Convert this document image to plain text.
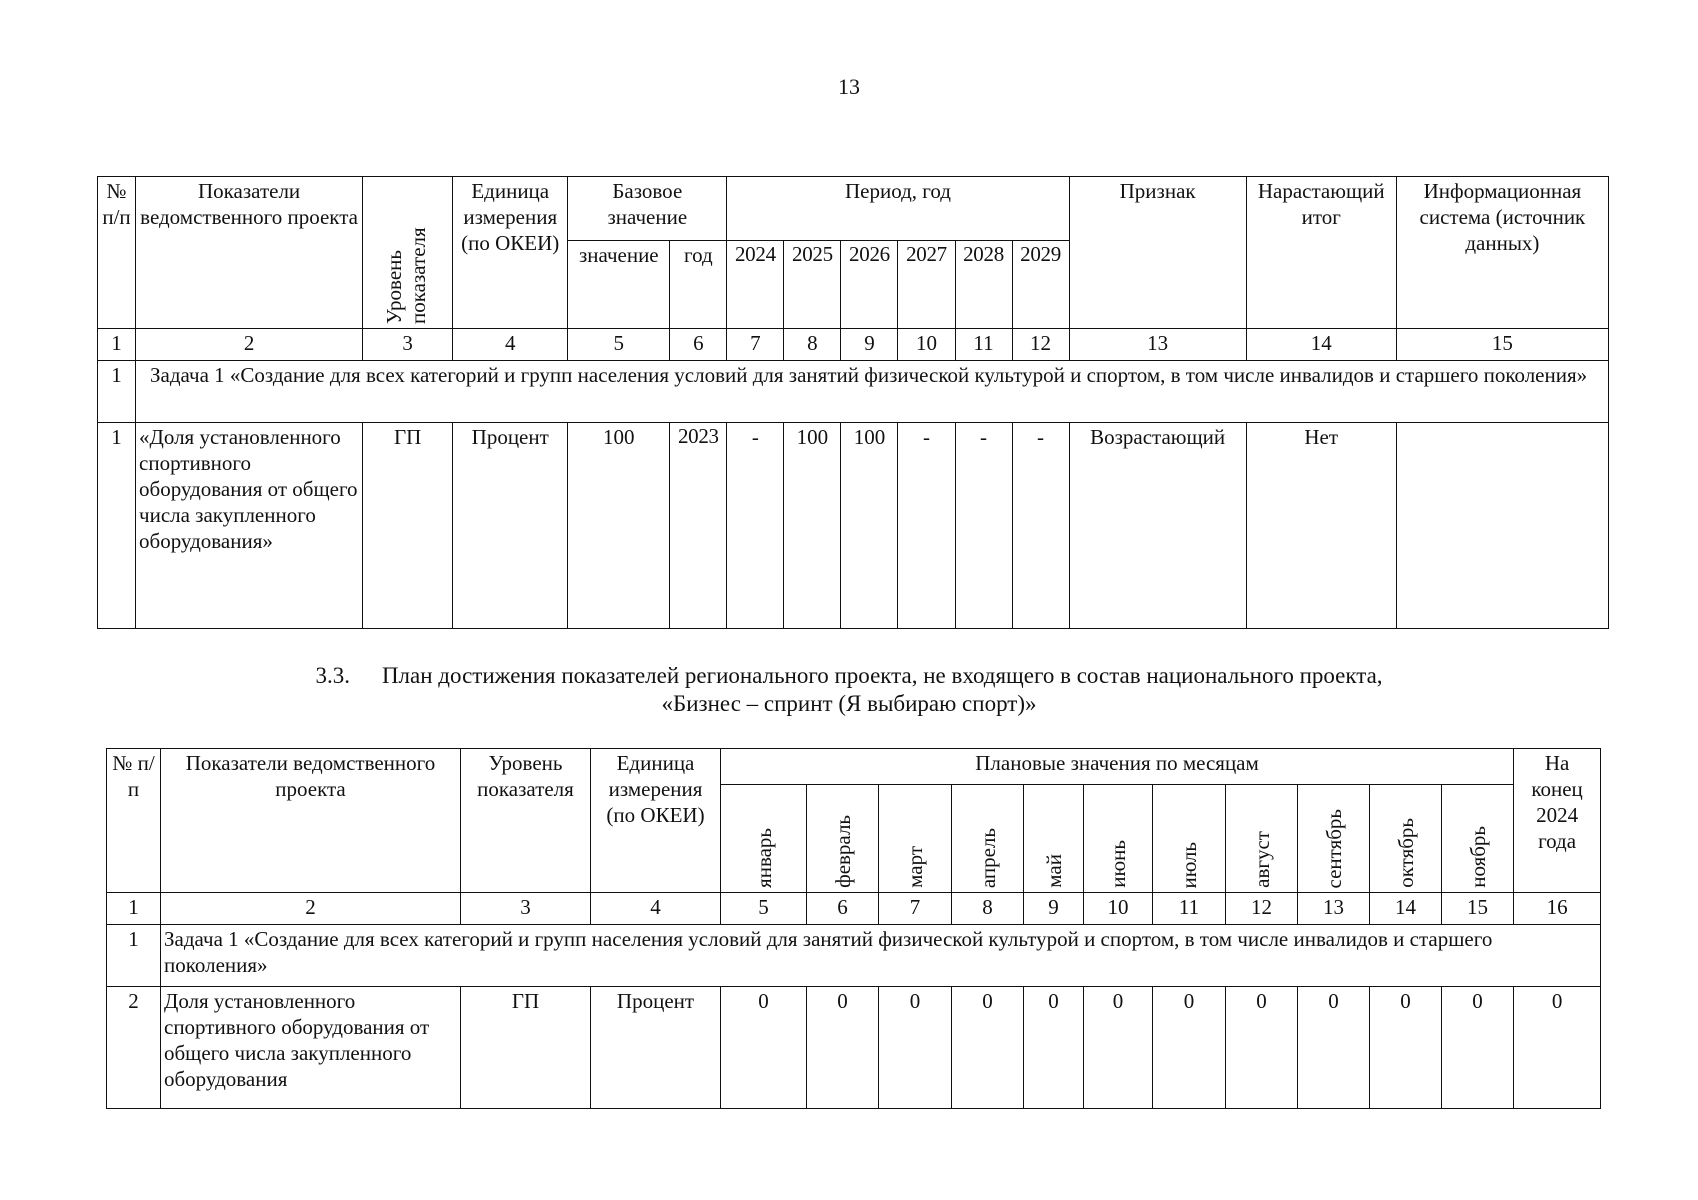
13
№ п/п	Показатели ведомственного проекта	Уровень показателя	Единица измерения (по ОКЕИ)	Базовое значение		Период, год						Признак	Нарастающий итог	Информационная система (источник данных)
				значение	год	2024	2025	2026	2027	2028	2029			
1	2	3	4	5	6	7	8	9	10	11	12	13	14	15
1	Задача 1 «Создание для всех категорий и групп населения условий для занятий физической культурой и спортом, в том числе инвалидов и старшего поколения»													
1	«Доля установленного спортивного оборудования от общего числа закупленного оборудования»	ГП	Процент	100	2023	-	100	100	-	-	-	Возрастающий	Нет	
3.3. План достижения показателей регионального проекта, не входящего в состав национального проекта,
«Бизнес – спринт (Я выбираю спорт)»
№ п/п	Показатели ведомственного проекта	Уровень показателя	Единица измерения (по ОКЕИ)	Плановые значения по месяцам											На конец 2024 года

				январь	февраль	март	апрель	май	июнь	июль	август	сентябрь	октябрь	ноябрь	

1	2	3	4	5	6	7	8	9	10	11	12	13	14	15	16
1	Задача 1 «Создание для всех категорий и групп населения условий для занятий физической культурой и спортом, в том числе инвалидов и старшего поколения»														
2	Доля установленного спортивного оборудования от общего числа закупленного оборудования	ГП	Процент	0	0	0	0	0	0	0	0	0	0	0	0
